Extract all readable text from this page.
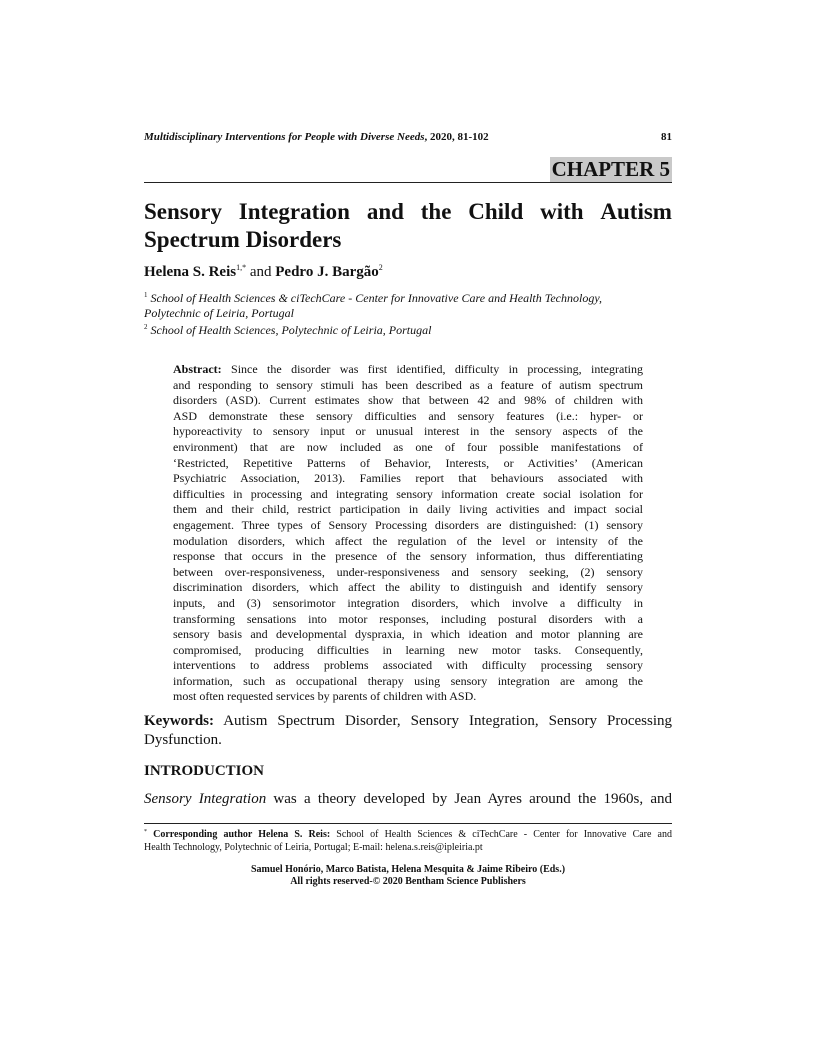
Multidisciplinary Interventions for People with Diverse Needs, 2020, 81-102	81
CHAPTER 5
Sensory Integration and the Child with Autism
Spectrum Disorders
Helena S. Reis$^{1,*}$ and Pedro J. Bargão$^2$
$^1$ School of Health Sciences & ciTechCare - Center for Innovative Care and Health Technology,
Polytechnic of Leiria, Portugal
$^2$ School of Health Sciences, Polytechnic of Leiria, Portugal
Abstract: Since the disorder was first identified, difficulty in processing, integrating
and responding to sensory stimuli has been described as a feature of autism spectrum
disorders (ASD). Current estimates show that between 42 and 98% of children with
ASD demonstrate these sensory difficulties and sensory features (i.e.: hyper- or
hyporeactivity to sensory input or unusual interest in the sensory aspects of the
environment) that are now included as one of four possible manifestations of
‘Restricted, Repetitive Patterns of Behavior, Interests, or Activities’ (American
Psychiatric Association, 2013). Families report that behaviours associated with
difficulties in processing and integrating sensory information create social isolation for
them and their child, restrict participation in daily living activities and impact social
engagement. Three types of Sensory Processing disorders are distinguished: (1) sensory
modulation disorders, which affect the regulation of the level or intensity of the
response that occurs in the presence of the sensory information, thus differentiating
between over-responsiveness, under-responsiveness and sensory seeking, (2) sensory
discrimination disorders, which affect the ability to distinguish and identify sensory
inputs, and (3) sensorimotor integration disorders, which involve a difficulty in
transforming sensations into motor responses, including postural disorders with a
sensory basis and developmental dyspraxia, in which ideation and motor planning are
compromised, producing difficulties in learning new motor tasks. Consequently,
interventions to address problems associated with difficulty processing sensory
information, such as occupational therapy using sensory integration are among the
most often requested services by parents of children with ASD.
Keywords: Autism Spectrum Disorder, Sensory Integration, Sensory Processing
Dysfunction.
INTRODUCTION
Sensory Integration was a theory developed by Jean Ayres around the 1960s, and
* Corresponding author Helena S. Reis: School of Health Sciences & ciTechCare - Center for Innovative Care and
Health Technology, Polytechnic of Leiria, Portugal; E-mail: helena.s.reis@ipleiria.pt
Samuel Honório, Marco Batista, Helena Mesquita & Jaime Ribeiro (Eds.)
All rights reserved-© 2020 Bentham Science Publishers
